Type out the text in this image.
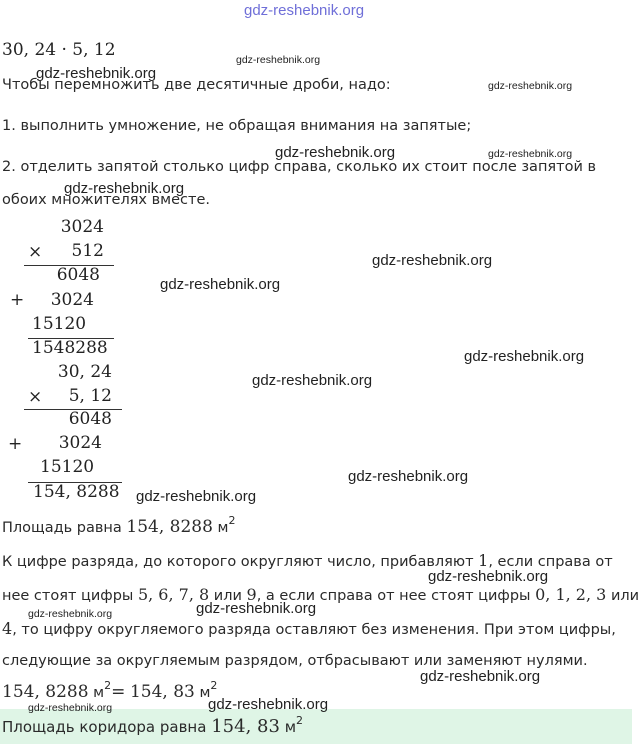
gdz-reshebnik.org
30, 24 · 5, 12
Чтобы перемножить две десятичные дроби, надо:
1. выполнить умножение, не обращая внимания на запятые;
2. отделить запятой столько цифр справа, сколько их стоит после запятой в
обоих множителях вместе.
3024
×	512
6048
+	3024
15120
1548288
30, 24
×	5, 12
6048
+	3024
15120
154, 8288
Площадь равна 154, 8288 $м^2$
К цифре разряда, до которого округляют число, прибавляют 1, если справа от
нее стоят цифры 5, 6, 7, 8 или 9, а если справа от нее стоят цифры 0, 1, 2, 3 или
4, то цифру округляемого разряда оставляют без изменения. При этом цифры,
следующие за округляемым разрядом, отбрасывают или заменяют нулями.
154, 8288 $м^2= 154$, 83 $м^2$
Площадь коридора равна 154, 83 $м^2$
gdz-reshebnik.org
gdz-reshebnik.org
gdz-reshebnik.org
gdz-reshebnik.org	gdz-reshebnik.org
gdz-reshebnik.org
gdz-reshebnik.org
gdz-reshebnik.org
gdz-reshebnik.org
gdz-reshebnik.org
gdz-reshebnik.org
gdz-reshebnik.org
gdz-reshebnik.org
gdz-reshebnik.org
gdz-reshebnik.org
gdz-reshebnik.org
gdz-reshebnik.org
gdz-reshebnik.org
